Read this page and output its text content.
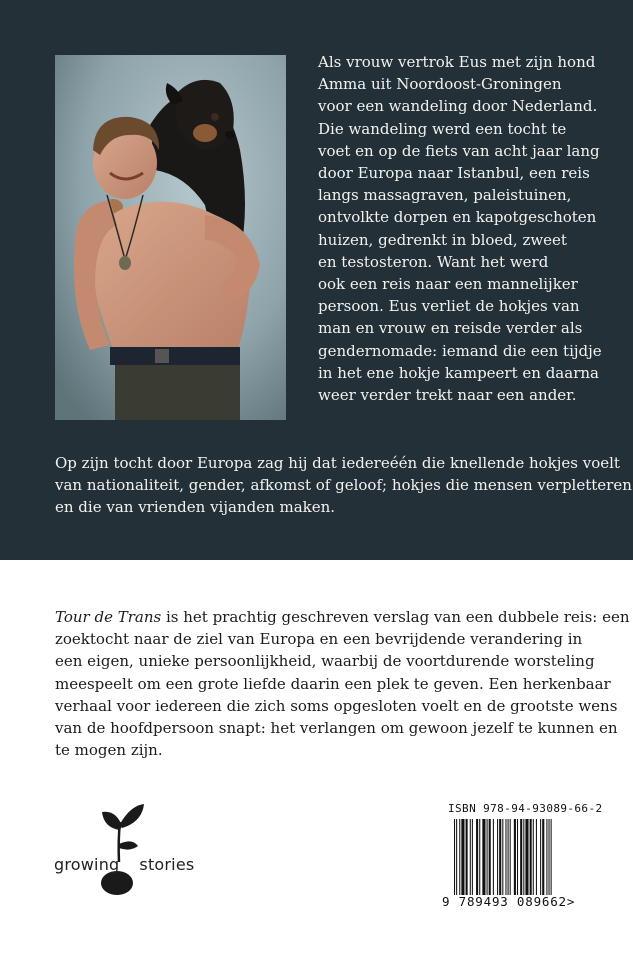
Als vrouw vertrok Eus met zijn hond
Amma uit Noordoost-Groningen
voor een wandeling door Nederland.
Die wandeling werd een tocht te
voet en op de fiets van acht jaar lang
door Europa naar Istanbul, een reis
langs massagraven, paleistuinen,
ontvolkte dorpen en kapotgeschoten
huizen, gedrenkt in bloed, zweet
en testosteron. Want het werd
ook een reis naar een mannelijker
persoon. Eus verliet de hokjes van
man en vrouw en reisde verder als
gendernomade: iemand die een tijdje
in het ene hokje kampeert en daarna
weer verder trekt naar een ander.

Op zijn tocht door Europa zag hij dat iedereéén die knellende hokjes voelt
van nationaliteit, gender, afkomst of geloof; hokjes die mensen verpletteren
en die van vrienden vijanden maken.

Tour de Trans is het prachtig geschreven verslag van een dubbele reis: een
zoektocht naar de ziel van Europa en een bevrijdende verandering in
een eigen, unieke persoonlijkheid, waarbij de voortdurende worsteling
meespeelt om een grote liefde daarin een plek te geven. Een herkenbaar
verhaal voor iedereen die zich soms opgesloten voelt en de grootste wens
van de hoofdpersoon snapt: het verlangen om gewoon jezelf te kunnen en
te mogen zijn.

growing stories
ISBN 978-94-93089-66-2
9 789493 089662>
